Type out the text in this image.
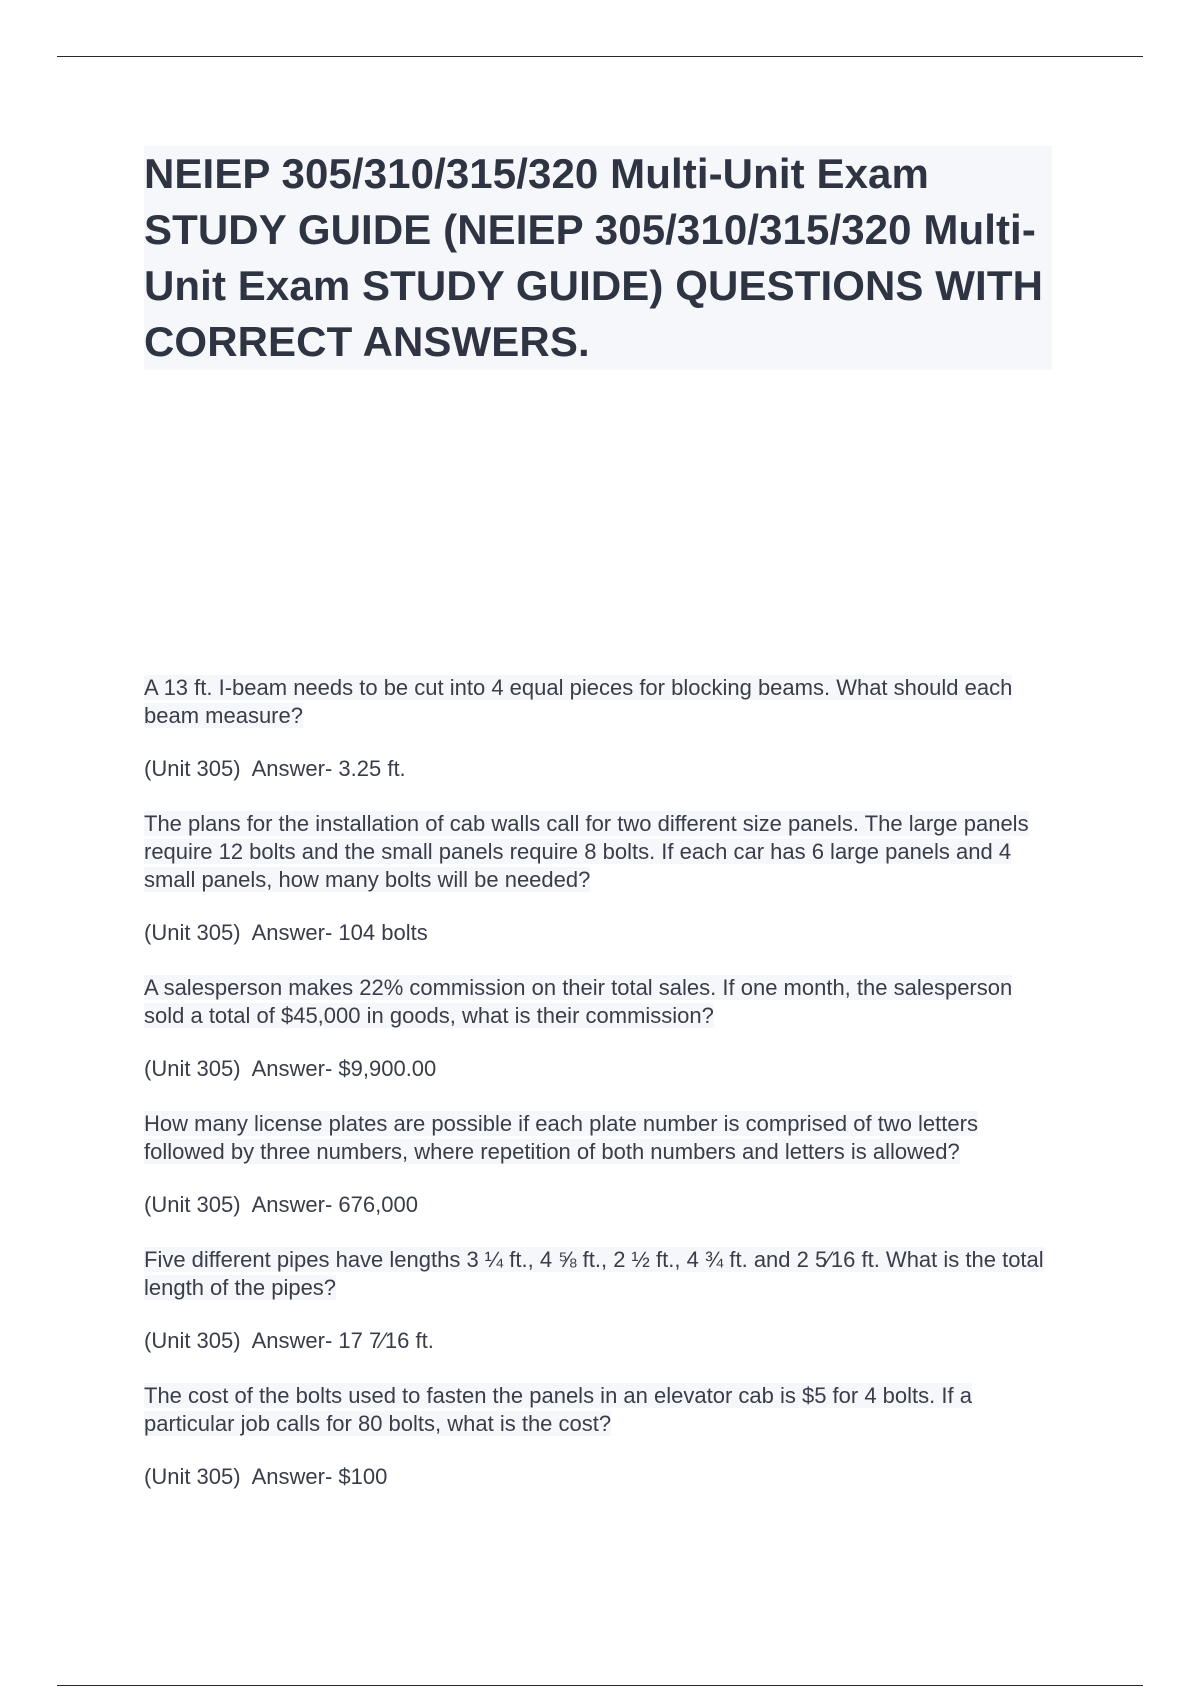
NEIEP 305/310/315/320 Multi-Unit Exam STUDY GUIDE (NEIEP 305/310/315/320 Multi-Unit Exam STUDY GUIDE) QUESTIONS WITH CORRECT ANSWERS.

A 13 ft. I-beam needs to be cut into 4 equal pieces for blocking beams. What should each beam measure?

(Unit 305)  Answer- 3.25 ft.

The plans for the installation of cab walls call for two different size panels. The large panels require 12 bolts and the small panels require 8 bolts. If each car has 6 large panels and 4 small panels, how many bolts will be needed?

(Unit 305)  Answer- 104 bolts

A salesperson makes 22% commission on their total sales. If one month, the salesperson sold a total of $45,000 in goods, what is their commission?

(Unit 305)  Answer- $9,900.00

How many license plates are possible if each plate number is comprised of two letters followed by three numbers, where repetition of both numbers and letters is allowed?

(Unit 305)  Answer- 676,000

Five different pipes have lengths 3 ¼ ft., 4 ⅝ ft., 2 ½ ft., 4 ¾ ft. and 2 5⁄16 ft. What is the total length of the pipes?

(Unit 305)  Answer- 17 7⁄16 ft.

The cost of the bolts used to fasten the panels in an elevator cab is $5 for 4 bolts. If a particular job calls for 80 bolts, what is the cost?

(Unit 305)  Answer- $100
